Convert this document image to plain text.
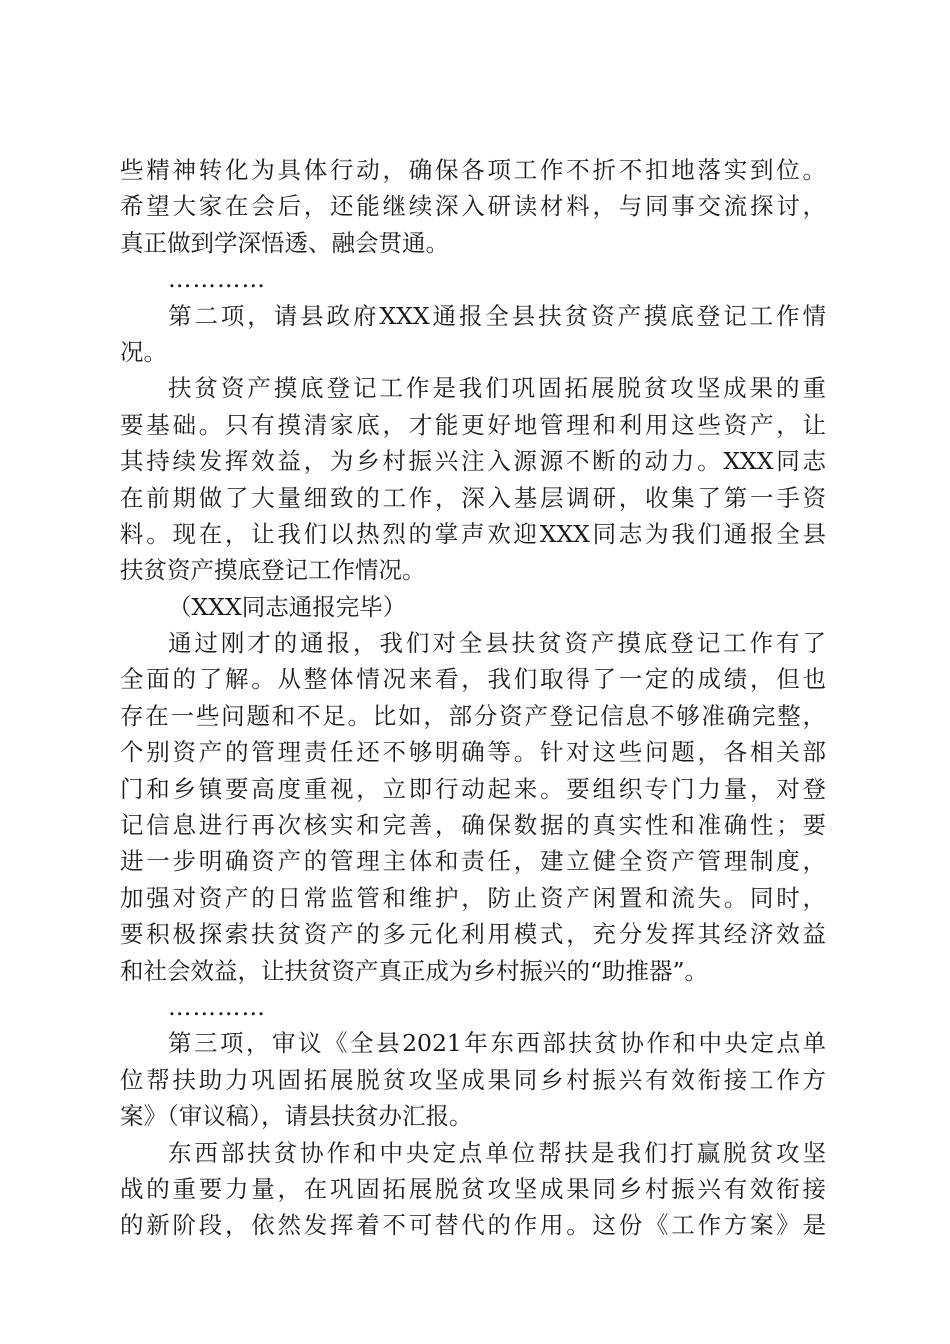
些精神转化为具体行动，确保各项工作不折不扣地落实到位。
希望大家在会后，还能继续深入研读材料，与同事交流探讨，
真正做到学深悟透、融会贯通。
…………
第二项，请县政府XXX通报全县扶贫资产摸底登记工作情
况。
扶贫资产摸底登记工作是我们巩固拓展脱贫攻坚成果的重
要基础。只有摸清家底，才能更好地管理和利用这些资产，让
其持续发挥效益，为乡村振兴注入源源不断的动力。XXX同志
在前期做了大量细致的工作，深入基层调研，收集了第一手资
料。现在，让我们以热烈的掌声欢迎XXX同志为我们通报全县
扶贫资产摸底登记工作情况。
（XXX同志通报完毕）
通过刚才的通报，我们对全县扶贫资产摸底登记工作有了
全面的了解。从整体情况来看，我们取得了一定的成绩，但也
存在一些问题和不足。比如，部分资产登记信息不够准确完整，
个别资产的管理责任还不够明确等。针对这些问题，各相关部
门和乡镇要高度重视，立即行动起来。要组织专门力量，对登
记信息进行再次核实和完善，确保数据的真实性和准确性；要
进一步明确资产的管理主体和责任，建立健全资产管理制度，
加强对资产的日常监管和维护，防止资产闲置和流失。同时，
要积极探索扶贫资产的多元化利用模式，充分发挥其经济效益
和社会效益，让扶贫资产真正成为乡村振兴的“助推器”。
…………
第三项，审议《全县2021年东西部扶贫协作和中央定点单
位帮扶助力巩固拓展脱贫攻坚成果同乡村振兴有效衔接工作方
案》（审议稿），请县扶贫办汇报。
东西部扶贫协作和中央定点单位帮扶是我们打赢脱贫攻坚
战的重要力量，在巩固拓展脱贫攻坚成果同乡村振兴有效衔接
的新阶段，依然发挥着不可替代的作用。这份《工作方案》是
